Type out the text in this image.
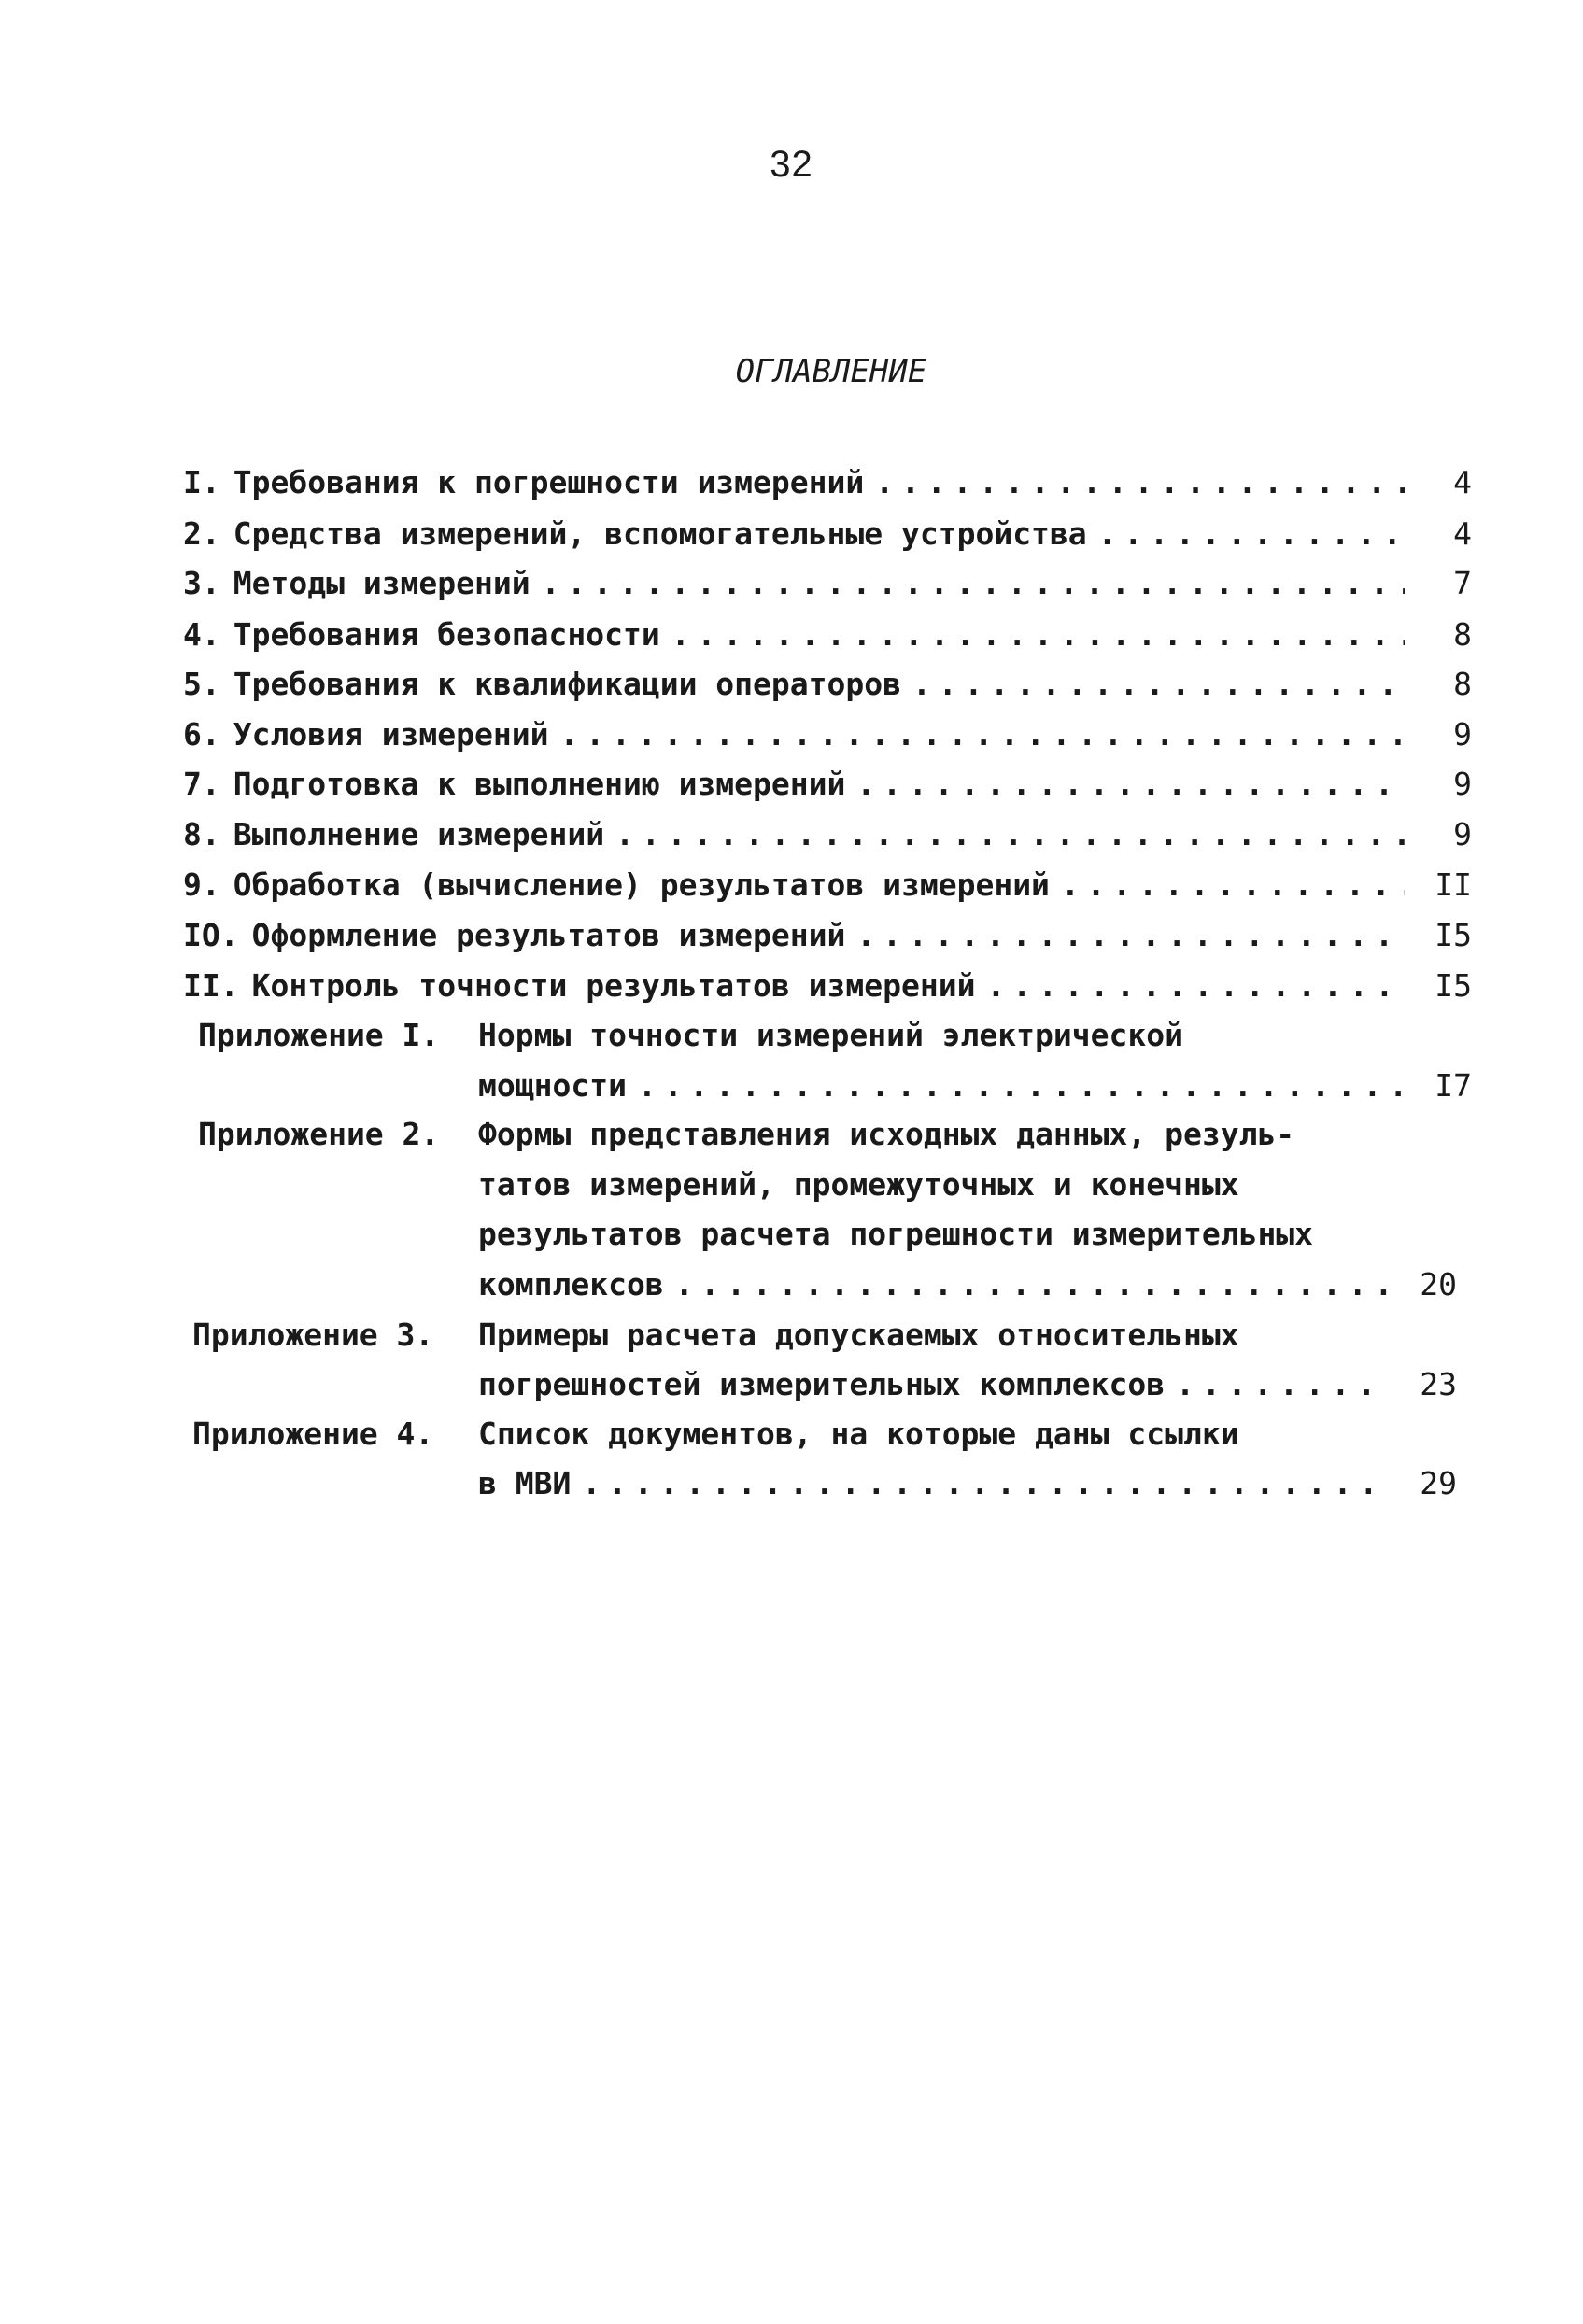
32
ОГЛАВЛЕНИЕ
I. Требования к погрешности измерений . . .	4
2. Средства измерений, вспомогательные устройства . . .	4
3. Методы измерений . . .	7
4. Требования безопасности . . .	8
5. Требования к квалификации операторов . . .	8
6. Условия измерений . . .	9
7. Подготовка к выполнению измерений . . .	9
8. Выполнение измерений . . .	9
9. Обработка (вычисление) результатов измерений . . .	II
IO. Оформление результатов измерений . . .	I5
II. Контроль точности результатов измерений . . .	I5
Приложение I.	Нормы точности измерений электрической
мощности . . .	I7
Приложение 2.	Формы представления исходных данных, резуль-
татов измерений, промежуточных и конечных
результатов расчета погрешности измерительных
комплексов . . .	20
Приложение 3.	Примеры расчета допускаемых относительных
погрешностей измерительных комплексов . . .	23
Приложение 4.	Список документов, на которые даны ссылки
в МВИ . . .	29
